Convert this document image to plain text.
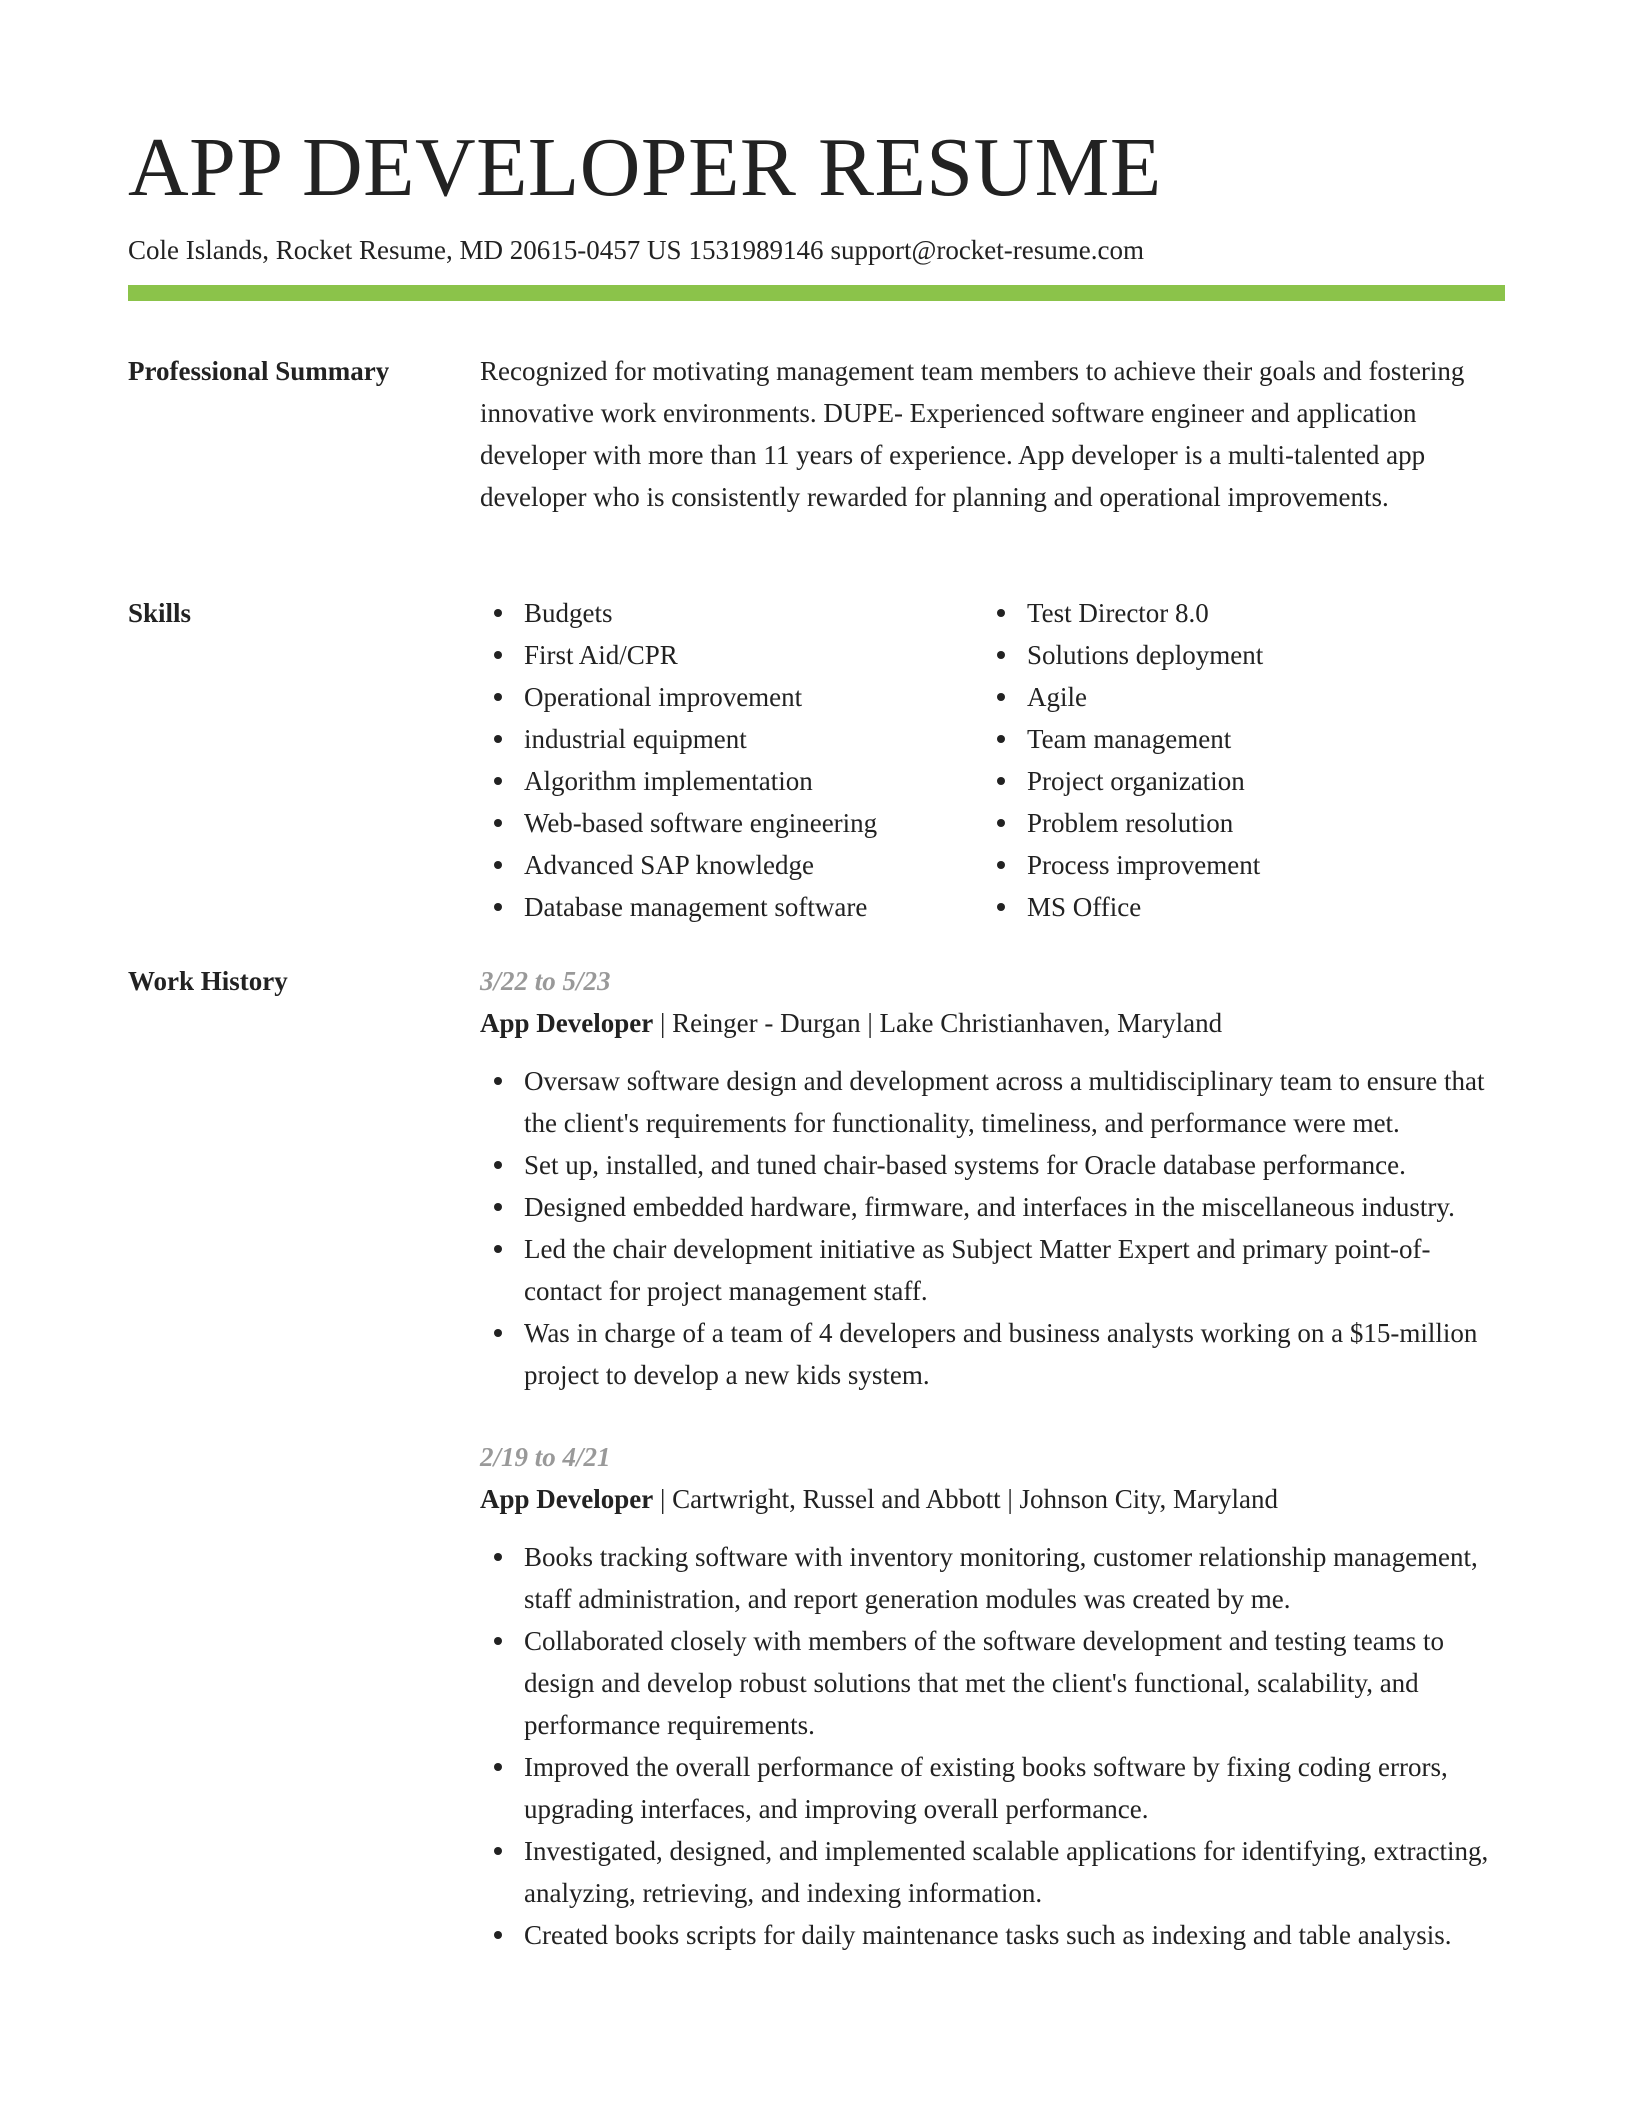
APP DEVELOPER RESUME
Cole Islands, Rocket Resume, MD 20615-0457 US 1531989146 support@rocket-resume.com
Professional Summary	Recognized for motivating management team members to achieve their goals and fostering innovative work environments. DUPE- Experienced software engineer and application developer with more than 11 years of experience. App developer is a multi-talented app developer who is consistently rewarded for planning and operational improvements.

Skills	Budgets
First Aid/CPR
Operational improvement
industrial equipment
Algorithm implementation
Web-based software engineering
Advanced SAP knowledge
Database management software
Test Director 8.0
Solutions deployment
Agile
Team management
Project organization
Problem resolution
Process improvement
MS Office
Work History	3/22 to 5/23
App Developer | Reinger - Durgan | Lake Christianhaven, Maryland
Oversaw software design and development across a multidisciplinary team to ensure that the client's requirements for functionality, timeliness, and performance were met.
Set up, installed, and tuned chair-based systems for Oracle database performance.
Designed embedded hardware, firmware, and interfaces in the miscellaneous industry.
Led the chair development initiative as Subject Matter Expert and primary point-of-contact for project management staff.
Was in charge of a team of 4 developers and business analysts working on a $15-million project to develop a new kids system.
2/19 to 4/21
App Developer | Cartwright, Russel and Abbott | Johnson City, Maryland
Books tracking software with inventory monitoring, customer relationship management, staff administration, and report generation modules was created by me.
Collaborated closely with members of the software development and testing teams to design and develop robust solutions that met the client's functional, scalability, and performance requirements.
Improved the overall performance of existing books software by fixing coding errors, upgrading interfaces, and improving overall performance.
Investigated, designed, and implemented scalable applications for identifying, extracting, analyzing, retrieving, and indexing information.
Created books scripts for daily maintenance tasks such as indexing and table analysis.
